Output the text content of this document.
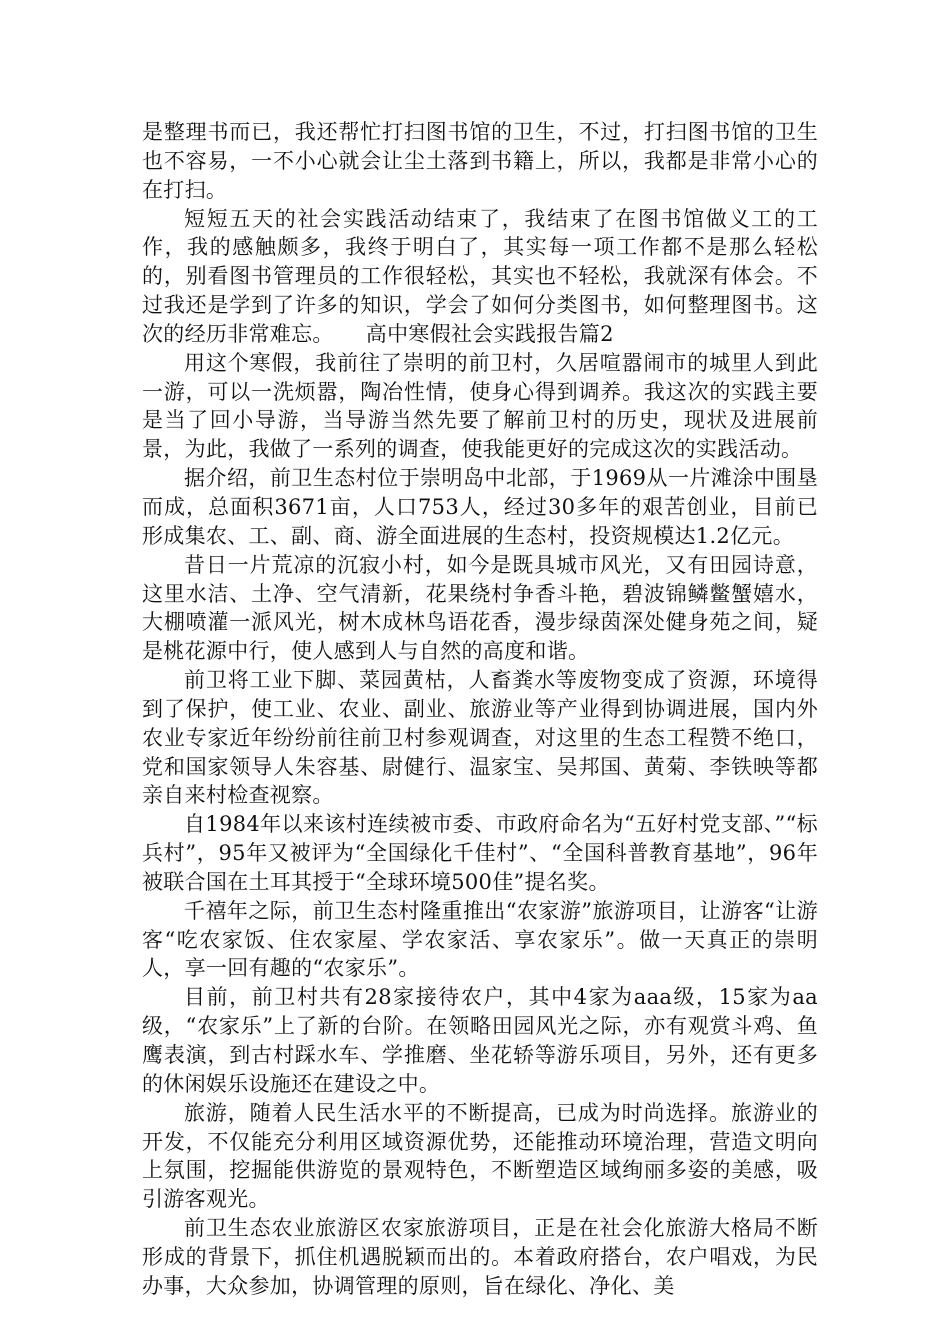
是整理书而已，我还帮忙打扫图书馆的卫生，不过，打扫图书馆的卫生也不容易，一不小心就会让尘土落到书籍上，所以，我都是非常小心的在打扫。

短短五天的社会实践活动结束了，我结束了在图书馆做义工的工作，我的感触颇多，我终于明白了，其实每一项工作都不是那么轻松的，别看图书管理员的工作很轻松，其实也不轻松，我就深有体会。不过我还是学到了许多的知识，学会了如何分类图书，如何整理图书。这次的经历非常难忘。　　高中寒假社会实践报告篇2

用这个寒假，我前往了崇明的前卫村，久居喧嚣闹市的城里人到此一游，可以一洗烦嚣，陶冶性情，使身心得到调养。我这次的实践主要是当了回小导游，当导游当然先要了解前卫村的历史，现状及进展前景，为此，我做了一系列的调查，使我能更好的完成这次的实践活动。

据介绍，前卫生态村位于崇明岛中北部，于1969从一片滩涂中围垦而成，总面积3671亩，人口753人，经过30多年的艰苦创业，目前已形成集农、工、副、商、游全面进展的生态村，投资规模达1.2亿元。

昔日一片荒凉的沉寂小村，如今是既具城市风光，又有田园诗意，这里水洁、土净、空气清新，花果绕村争香斗艳，碧波锦鳞鳖蟹嬉水，大棚喷灌一派风光，树木成林鸟语花香，漫步绿茵深处健身苑之间，疑是桃花源中行，使人感到人与自然的高度和谐。

前卫将工业下脚、菜园黄枯，人畜粪水等废物变成了资源，环境得到了保护，使工业、农业、副业、旅游业等产业得到协调进展，国内外农业专家近年纷纷前往前卫村参观调查，对这里的生态工程赞不绝口，党和国家领导人朱容基、尉健行、温家宝、吴邦国、黄菊、李铁映等都亲自来村检查视察。

自1984年以来该村连续被市委、市政府命名为“五好村党支部、”“标兵村”，95年又被评为“全国绿化千佳村”、“全国科普教育基地”，96年被联合国在土耳其授于“全球环境500佳”提名奖。

千禧年之际，前卫生态村隆重推出“农家游”旅游项目，让游客“让游客“吃农家饭、住农家屋、学农家活、享农家乐”。做一天真正的崇明人，享一回有趣的“农家乐”。

目前，前卫村共有28家接待农户，其中4家为aaa级，15家为aa级，“农家乐”上了新的台阶。在领略田园风光之际，亦有观赏斗鸡、鱼鹰表演，到古村踩水车、学推磨、坐花轿等游乐项目，另外，还有更多的休闲娱乐设施还在建设之中。

旅游，随着人民生活水平的不断提高，已成为时尚选择。旅游业的开发，不仅能充分利用区域资源优势，还能推动环境治理，营造文明向上氛围，挖掘能供游览的景观特色，不断塑造区域绚丽多姿的美感，吸引游客观光。

前卫生态农业旅游区农家旅游项目，正是在社会化旅游大格局不断形成的背景下，抓住机遇脱颖而出的。本着政府搭台，农户唱戏，为民办事，大众参加，协调管理的原则，旨在绿化、净化、美
